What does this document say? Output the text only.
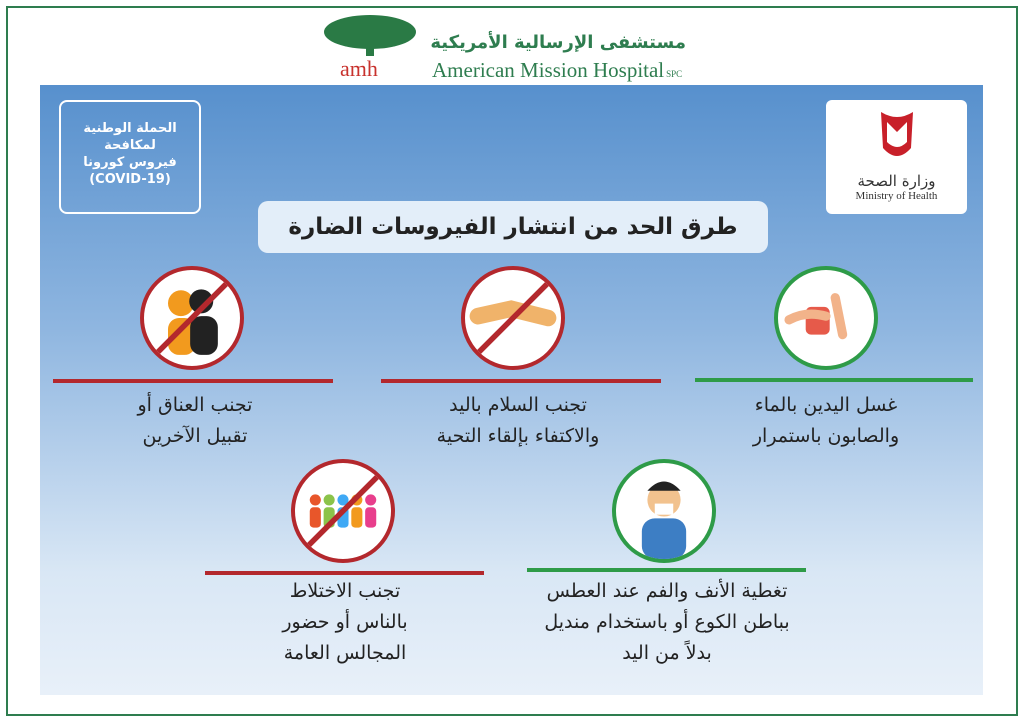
amh
مستشفى الإرسالية الأمريكية
American Mission Hospital SPC
الحملة الوطنية
لمكافحة
فيروس كورونا
(COVID-19)	وزارة الصحة
Ministry of Health
طرق الحد من انتشار الفيروسات الضارة
غسل اليدين بالماء
والصابون باستمرار
تجنب السلام باليد
والاكتفاء بإلقاء التحية
تجنب العناق أو
تقبيل الآخرين
تغطية الأنف والفم عند العطس
بباطن الكوع أو باستخدام منديل
بدلاً من اليد
تجنب الاختلاط
بالناس أو حضور
المجالس العامة
